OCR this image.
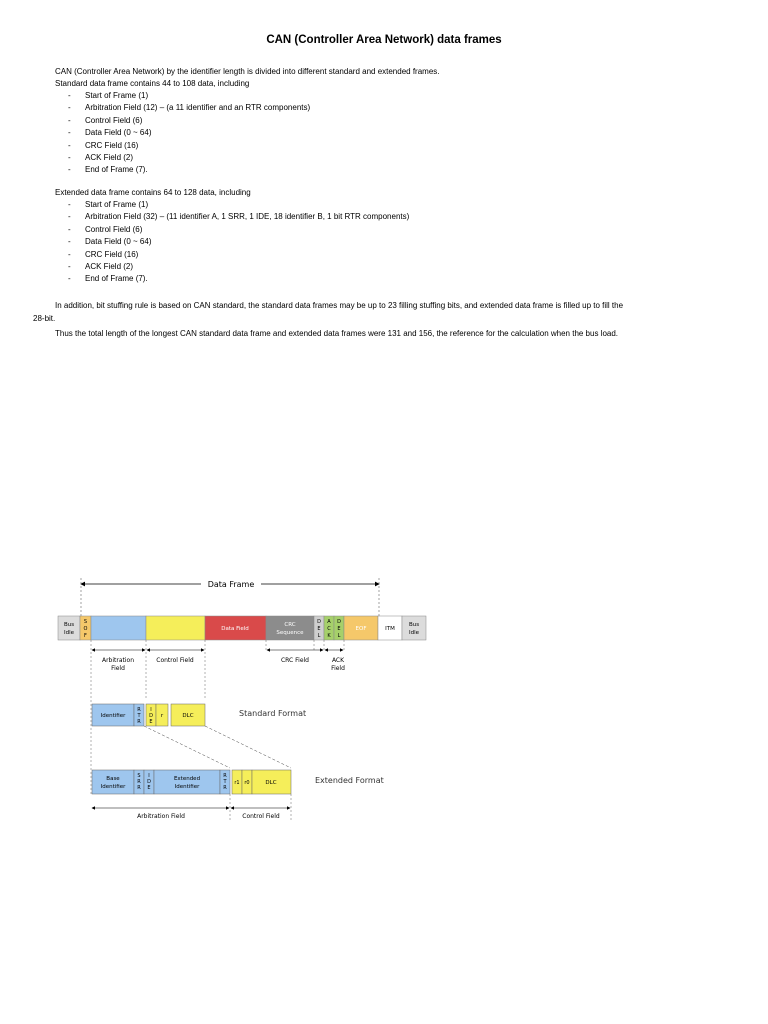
CAN (Controller Area Network) data frames
CAN (Controller Area Network) by the identifier length is divided into different standard and extended frames.
Standard data frame contains 44 to 108 data, including
- Start of Frame (1)
- Arbitration Field (12) – (a 11 identifier and an RTR components)
- Control Field (6)
- Data Field (0 ~ 64)
- CRC Field (16)
- ACK Field (2)
- End of Frame (7).
Extended data frame contains 64 to 128 data, including
- Start of Frame (1)
- Arbitration Field (32) – (11 identifier A, 1 SRR, 1 IDE, 18 identifier B, 1 bit RTR components)
- Control Field (6)
- Data Field (0 ~ 64)
- CRC Field (16)
- ACK Field (2)
- End of Frame (7).
In addition, bit stuffing rule is based on CAN standard, the standard data frames may be up to 23 filling stuffing bits, and extended data frame is filled up to fill the
28-bit.
Thus the total length of the longest CAN standard data frame and extended data frames were 131 and 156, the reference for the calculation when the bus load.
Data Frame
Bus
Idle
S
O
F
Data Field
CRC
Sequence
D
E
L
A
C
K
D
E
L
EOF	ITM
Bus
Idle
Arbitration
Field
Control Field	CRC Field	ACK
Field
Identifier
R
T
R
I
D
E
r	DLC	Standard Format
Base
Identifier
S
R
R
I
D
E
Extended
Identifier
R
T
R
r1 r0	DLC	Extended Format
Arbitration Field	Control Field
